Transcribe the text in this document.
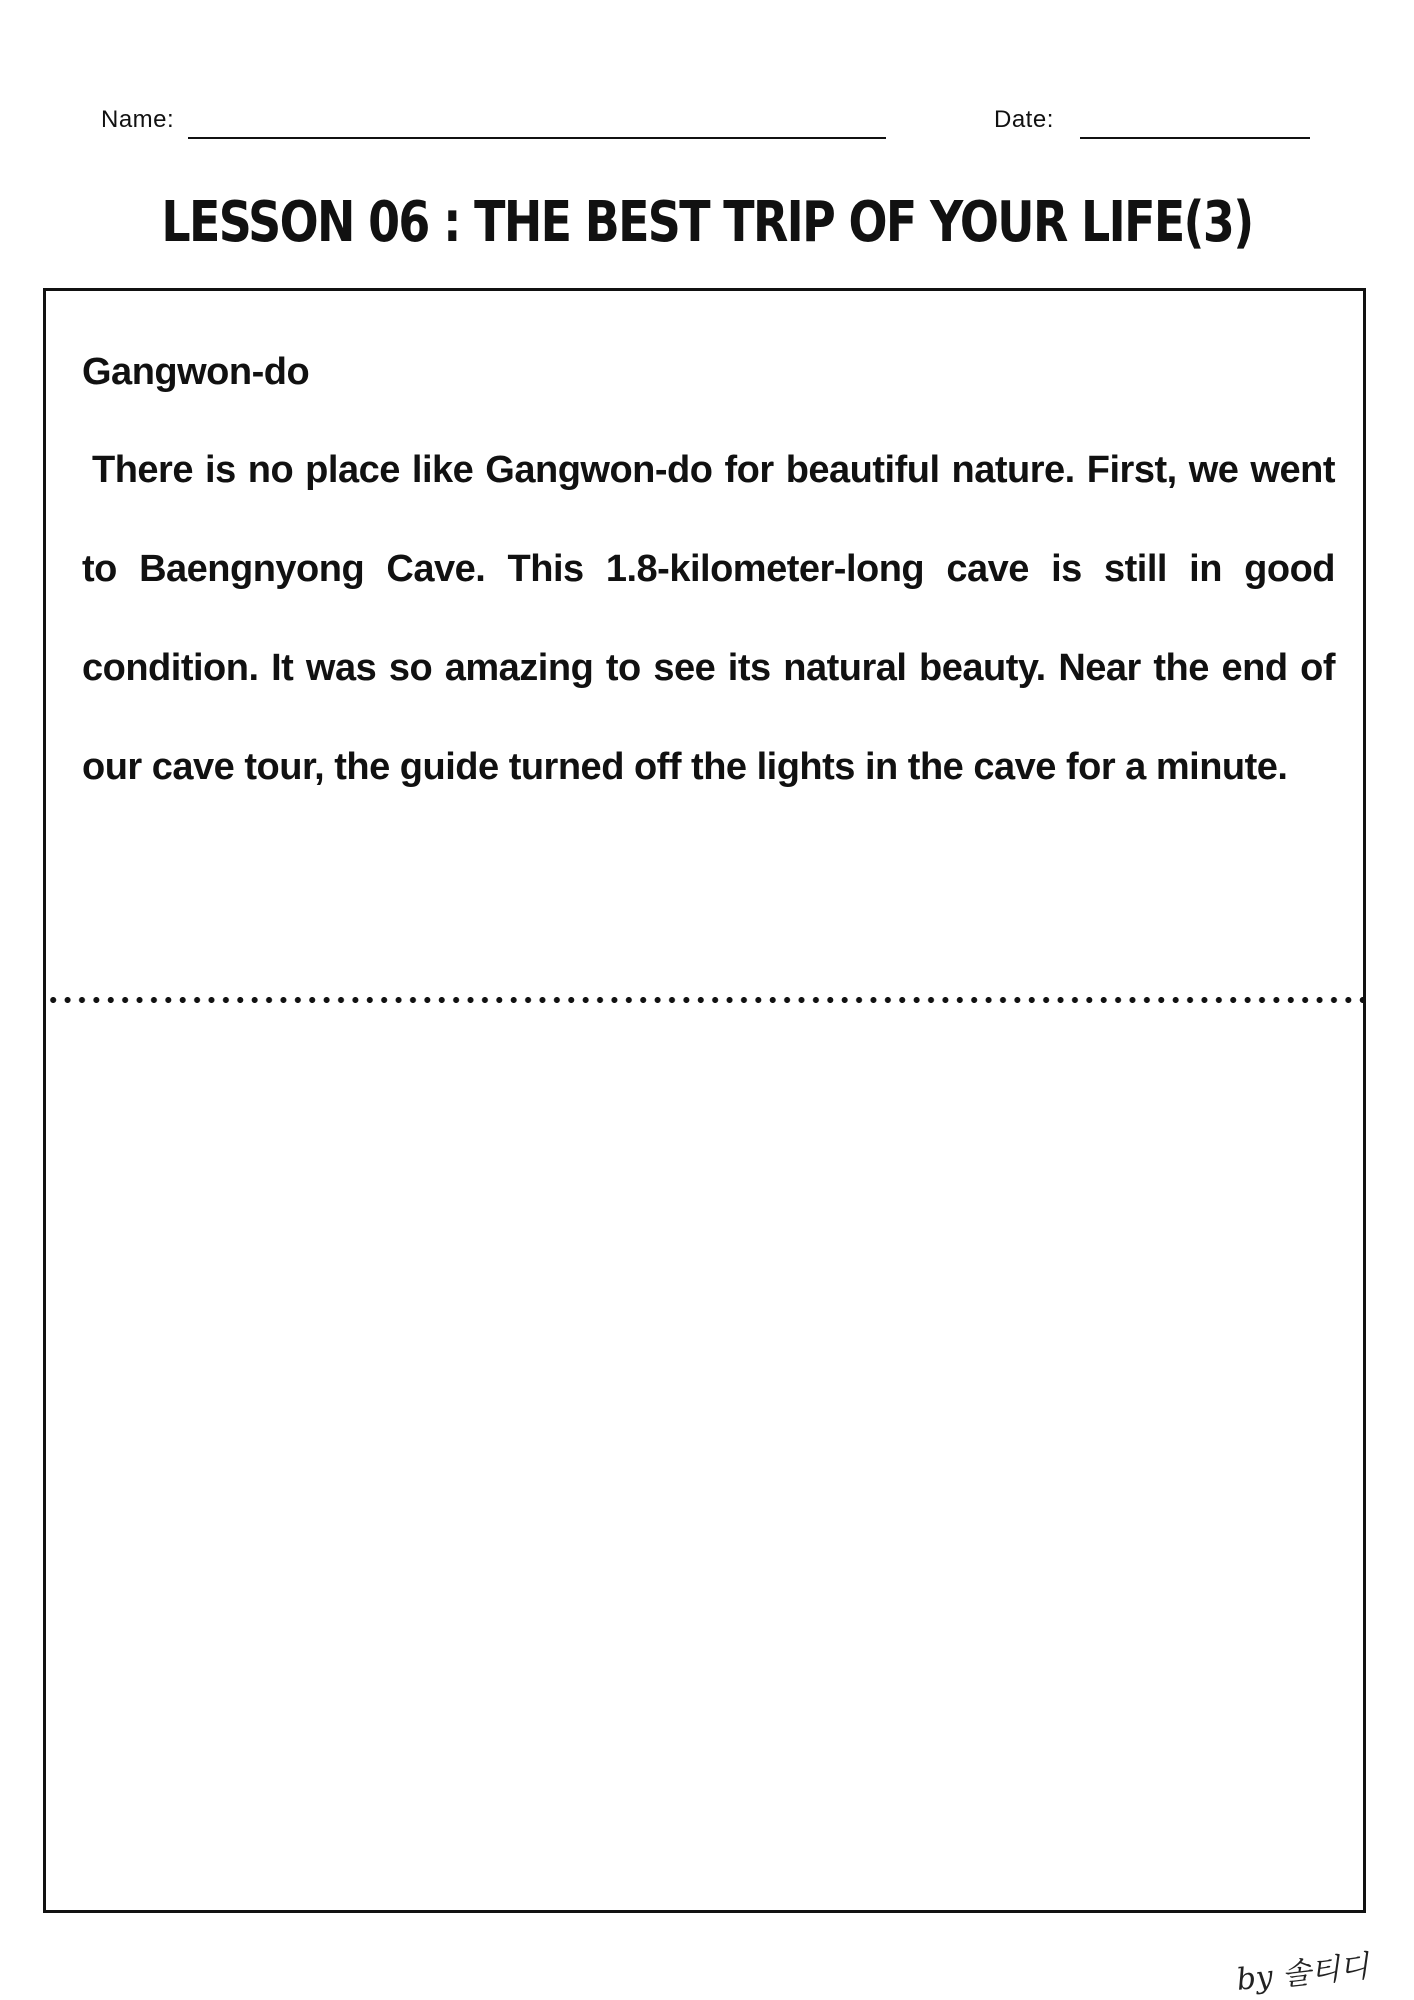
Name:	Date:
LESSON 06 : THE BEST TRIP OF YOUR LIFE(3)

Gangwon-do

There is no place like Gangwon-do for beautiful nature. First, we went to Baengnyong Cave. This 1.8-kilometer-long cave is still in good condition. It was so amazing to see its natural beauty. Near the end of our cave tour, the guide turned off the lights in the cave for a minute.

by 솔티디
